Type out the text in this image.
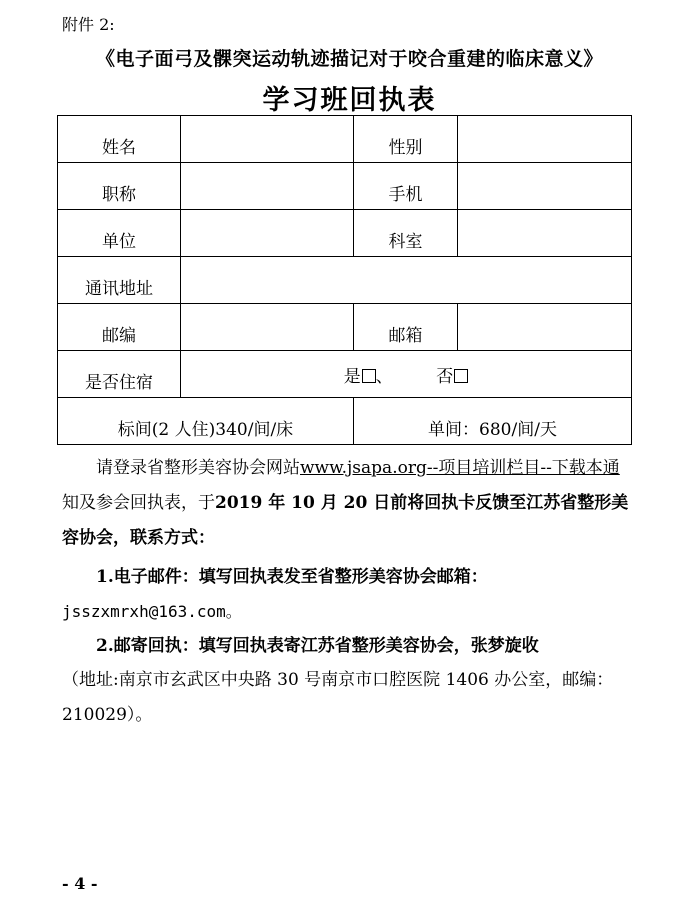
附件 2:
《电子面弓及髁突运动轨迹描记对于咬合重建的临床意义》
学习班回执表
姓名		性别	
职称		手机	
单位		科室	
通讯地址			
邮编		邮箱	
是否住宿	是 、 否		
标间(2 人住)340/间/床		单间：680/间/天	
请登录省整形美容协会网站www.jsapa.org--项目培训栏目--下载本通知及参会回执表，于2019 年 10 月 20 日前将回执卡反馈至江苏省整形美容协会，联系方式：
1.电子邮件：填写回执表发至省整形美容协会邮箱：
jsszxmrxh@163.com。
2.邮寄回执：填写回执表寄江苏省整形美容协会，张梦旋收
（地址:南京市玄武区中央路 30 号南京市口腔医院 1406 办公室，邮编：210029）。
- 4 -
